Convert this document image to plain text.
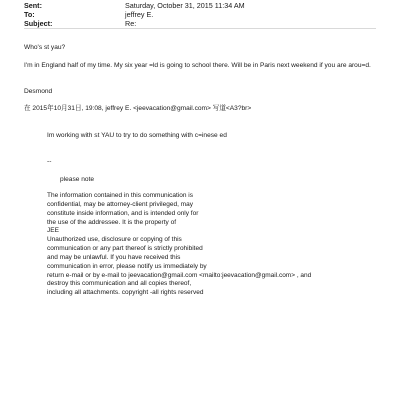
Sent:	Saturday, October 31, 2015 11:34 AM
To:	jeffrey E.
Subject:	Re:
Who's st yau?
I'm in England half of my time. My six year =ld is going to school there. Will be in Paris next weekend if you are arou=d.
Desmond
在 2015年10月31日, 19:08, jeffrey E. <jeevacation@gmail.com> 写道<A3?br>
Im working with st YAU to try to do something with c=inese ed
--
please note
The information contained in this communication is
confidential, may be attorney-client privileged, may
constitute inside information, and is intended only for
the use of the addressee. It is the property of
JEE
Unauthorized use, disclosure or copying of this
communication or any part thereof is strictly prohibited
and may be unlawful. If you have received this
communication in error, please notify us immediately by
return e-mail or by e-mail to jeevacation@gmail.com <mailto:jeevacation@gmail.com> , and
destroy this communication and all copies thereof,
including all attachments. copyright -all rights reserved
